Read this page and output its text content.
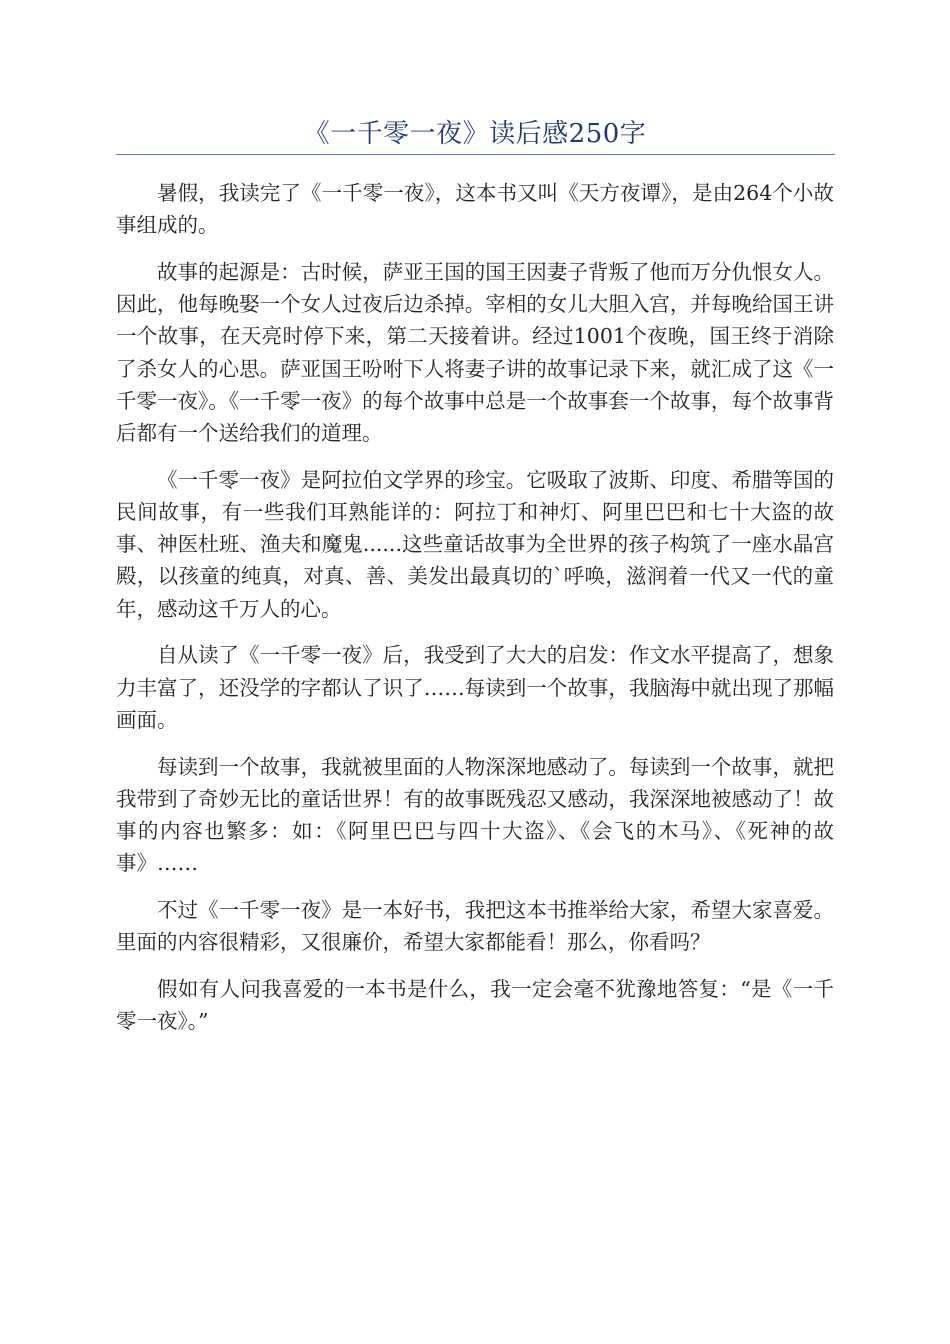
《一千零一夜》读后感250字

暑假，我读完了《一千零一夜》，这本书又叫《天方夜谭》，是由264个小故事组成的。

故事的起源是：古时候，萨亚王国的国王因妻子背叛了他而万分仇恨女人。因此，他每晚娶一个女人过夜后边杀掉。宰相的女儿大胆入宫，并每晚给国王讲一个故事，在天亮时停下来，第二天接着讲。经过1001个夜晚，国王终于消除了杀女人的心思。萨亚国王吩咐下人将妻子讲的故事记录下来，就汇成了这《一千零一夜》。《一千零一夜》的每个故事中总是一个故事套一个故事，每个故事背后都有一个送给我们的道理。

《一千零一夜》是阿拉伯文学界的珍宝。它吸取了波斯、印度、希腊等国的民间故事，有一些我们耳熟能详的：阿拉丁和神灯、阿里巴巴和七十大盗的故事、神医杜班、渔夫和魔鬼......这些童话故事为全世界的孩子构筑了一座水晶宫殿，以孩童的纯真，对真、善、美发出最真切的`呼唤，滋润着一代又一代的童年，感动这千万人的心。

自从读了《一千零一夜》后，我受到了大大的启发：作文水平提高了，想象力丰富了，还没学的字都认了识了……每读到一个故事，我脑海中就出现了那幅画面。

每读到一个故事，我就被里面的人物深深地感动了。每读到一个故事，就把我带到了奇妙无比的童话世界！有的故事既残忍又感动，我深深地被感动了！故事的内容也繁多：如：《阿里巴巴与四十大盗》、《会飞的木马》、《死神的故事》……

不过《一千零一夜》是一本好书，我把这本书推举给大家，希望大家喜爱。里面的内容很精彩，又很廉价，希望大家都能看！那么，你看吗？

假如有人问我喜爱的一本书是什么，我一定会毫不犹豫地答复：“是《一千零一夜》。”
